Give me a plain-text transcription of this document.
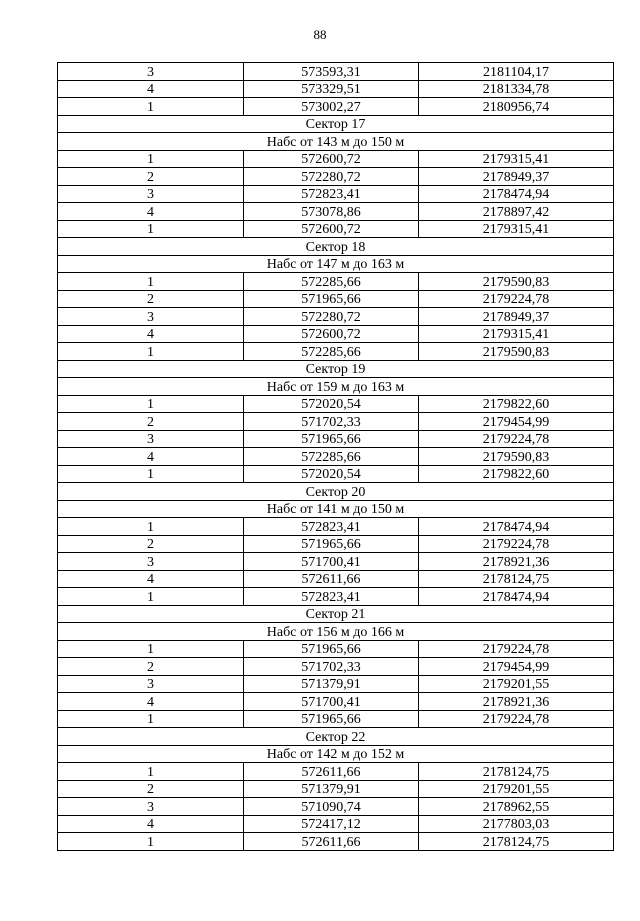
88
3	573593,31	2181104,17
4	573329,51	2181334,78
1	573002,27	2180956,74
Сектор 17		
Набс от 143 м до 150 м		
1	572600,72	2179315,41
2	572280,72	2178949,37
3	572823,41	2178474,94
4	573078,86	2178897,42
1	572600,72	2179315,41
Сектор 18		
Набс от 147 м до 163 м		
1	572285,66	2179590,83
2	571965,66	2179224,78
3	572280,72	2178949,37
4	572600,72	2179315,41
1	572285,66	2179590,83
Сектор 19		
Набс от 159 м до 163 м		
1	572020,54	2179822,60
2	571702,33	2179454,99
3	571965,66	2179224,78
4	572285,66	2179590,83
1	572020,54	2179822,60
Сектор 20		
Набс от 141 м до 150 м		
1	572823,41	2178474,94
2	571965,66	2179224,78
3	571700,41	2178921,36
4	572611,66	2178124,75
1	572823,41	2178474,94
Сектор 21		
Набс от 156 м до 166 м		
1	571965,66	2179224,78
2	571702,33	2179454,99
3	571379,91	2179201,55
4	571700,41	2178921,36
1	571965,66	2179224,78
Сектор 22		
Набс от 142 м до 152 м		
1	572611,66	2178124,75
2	571379,91	2179201,55
3	571090,74	2178962,55
4	572417,12	2177803,03
1	572611,66	2178124,75
